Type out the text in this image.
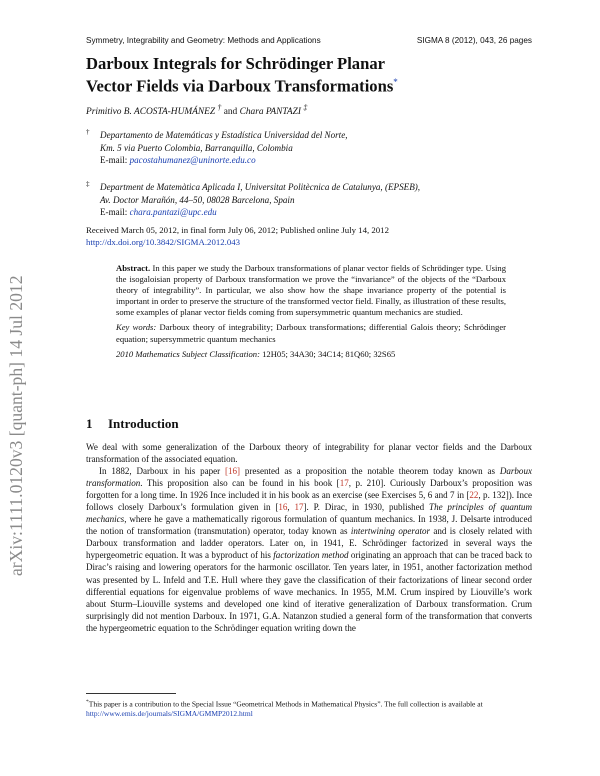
Symmetry, Integrability and Geometry: Methods and Applications	SIGMA 8 (2012), 043, 26 pages
Darboux Integrals for Schrödinger Planar
Vector Fields via Darboux Transformations*
Primitivo B. ACOSTA-HUMÁNEZ † and Chara PANTAZI ‡
† Departamento de Matemáticas y Estadística Universidad del Norte,
Km. 5 via Puerto Colombia, Barranquilla, Colombia
E-mail: pacostahumanez@uninorte.edu.co
‡ Department de Matemàtica Aplicada I, Universitat Politècnica de Catalunya, (EPSEB),
Av. Doctor Marañón, 44–50, 08028 Barcelona, Spain
E-mail: chara.pantazi@upc.edu
Received March 05, 2012, in final form July 06, 2012; Published online July 14, 2012
http://dx.doi.org/10.3842/SIGMA.2012.043

Abstract. In this paper we study the Darboux transformations of planar vector fields of Schrödinger type. Using the isogaloisian property of Darboux transformation we prove the “invariance” of the objects of the “Darboux theory of integrability”. In particular, we also show how the shape invariance property of the potential is important in order to preserve the structure of the transformed vector field. Finally, as illustration of these results, some examples of planar vector fields coming from supersymmetric quantum mechanics are studied.

Key words: Darboux theory of integrability; Darboux transformations; differential Galois theory; Schrödinger equation; supersymmetric quantum mechanics

2010 Mathematics Subject Classification: 12H05; 34A30; 34C14; 81Q60; 32S65

arXiv:1111.0120v3 [quant-ph] 14 Jul 2012	1 Introduction

We deal with some generalization of the Darboux theory of integrability for planar vector fields and the Darboux transformation of the associated equation.

In 1882, Darboux in his paper [16] presented as a proposition the notable theorem today known as Darboux transformation. This proposition also can be found in his book [17, p. 210]. Curiously Darboux’s proposition was forgotten for a long time. In 1926 Ince included it in his book as an exercise (see Exercises 5, 6 and 7 in [22, p. 132]). Ince follows closely Darboux’s formulation given in [16, 17]. P. Dirac, in 1930, published The principles of quantum mechanics, where he gave a mathematically rigorous formulation of quantum mechanics. In 1938, J. Delsarte introduced the notion of transformation (transmutation) operator, today known as intertwining operator and is closely related with Darboux transformation and ladder operators. Later on, in 1941, E. Schrödinger factorized in several ways the hypergeometric equation. It was a byproduct of his factorization method originating an approach that can be traced back to Dirac’s raising and lowering operators for the harmonic oscillator. Ten years later, in 1951, another factorization method was presented by L. Infeld and T.E. Hull where they gave the classification of their factorizations of linear second order differential equations for eigenvalue problems of wave mechanics. In 1955, M.M. Crum inspired by Liouville’s work about Sturm–Liouville systems and developed one kind of iterative generalization of Darboux transformation. Crum surprisingly did not mention Darboux. In 1971, G.A. Natanzon studied a general form of the transformation that converts the hypergeometric equation to the Schrödinger equation writing down the

*This paper is a contribution to the Special Issue “Geometrical Methods in Mathematical Physics”. The full collection is available at http://www.emis.de/journals/SIGMA/GMMP2012.html
